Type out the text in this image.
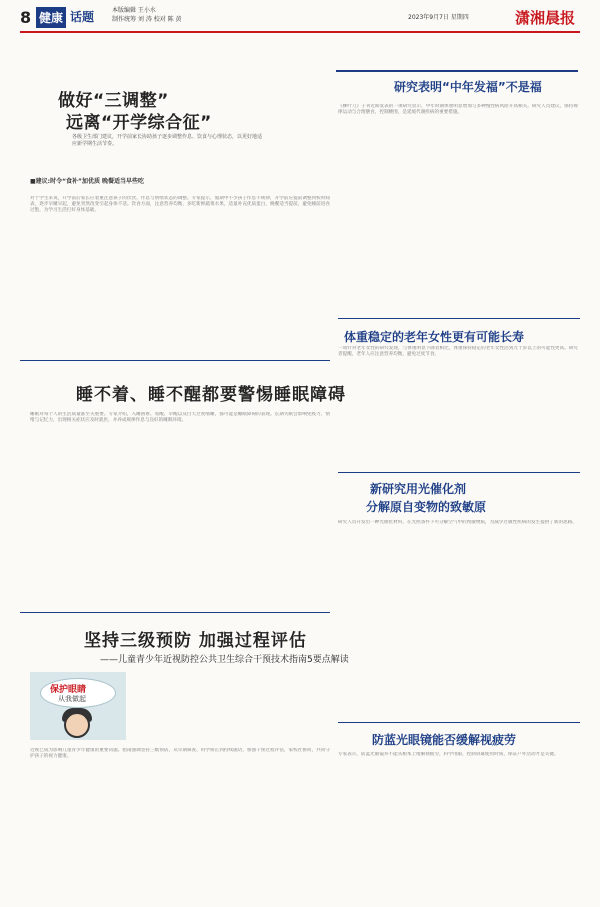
8 健康 话题	本版编辑 王小水
制作统筹 刘 涛 校对 陈 黄	2023年9月7日 星期四	潇湘晨报
做好“三调整”
远离“开学综合征”
各级卫生部门建议，开学前家长协助孩子逐步调整作息、饮食与心理状态，以更好地适应新学期生活节奏。
■建议:时令“食补”加优质 晚餐适当早些吃
对于学生来说，开学前后家长应着重注意孩子的饮食、作息与情绪状态的调整。专家提示，假期中不少孩子作息不规律，开学前应提前调整到校时间表，逐步早睡早起，避免突然改变引起身体不适。饮食方面，注意营养均衡，多吃新鲜蔬菜水果，适量补充优质蛋白，晚餐适当提前，避免睡前进食过饱，为学习生活打好身体基础。
研究表明“中年发福”不是福
《柳叶刀》子刊近期发表的一项研究显示，中年时期体重明显增加与多种慢性病风险升高相关。研究人员建议，保持规律运动与合理膳食，控制腰围，是延缓代谢疾病的重要措施。
睡不着、睡不醒都要警惕睡眠障碍
睡眠对每个人的生活质量都至关重要。专家介绍，入睡困难、易醒、早醒以及白天过度嗜睡，都可能是睡眠障碍的表现。长期失眠会影响免疫力、情绪与记忆力，出现相关症状应及时就医，并养成规律作息与良好的睡眠环境。
体重稳定的老年女性更有可能长寿
一项针对老年女性的研究发现，与体重明显下降者相比，体重保持稳定的老年女性活到九十岁以上的可能性更高。研究者提醒，老年人应注意营养均衡，避免过度节食。
新研究用光催化剂
分解原自变物的致敏原
研究人员开发出一种光催化材料，在光照条件下可分解空气中的致敏物质，为减少过敏性疾病的发生提供了新的思路。
坚持三级预防 加强过程评估
——儿童青少年近视防控公共卫生综合干预技术指南5要点解读
保护眼睛
从我做起
近视已成为影响儿童青少年健康的重要问题。指南强调坚持三级预防，从早期筛查、科学矫正到持续随访，加强干预过程评估，家校社协同，共同守护孩子的视力健康。
防蓝光眼镜能否缓解视疲劳
专家表示，防蓝光眼镜并不能从根本上缓解视疲劳，科学用眼、控制屏幕使用时间、保证户外活动才是关键。
